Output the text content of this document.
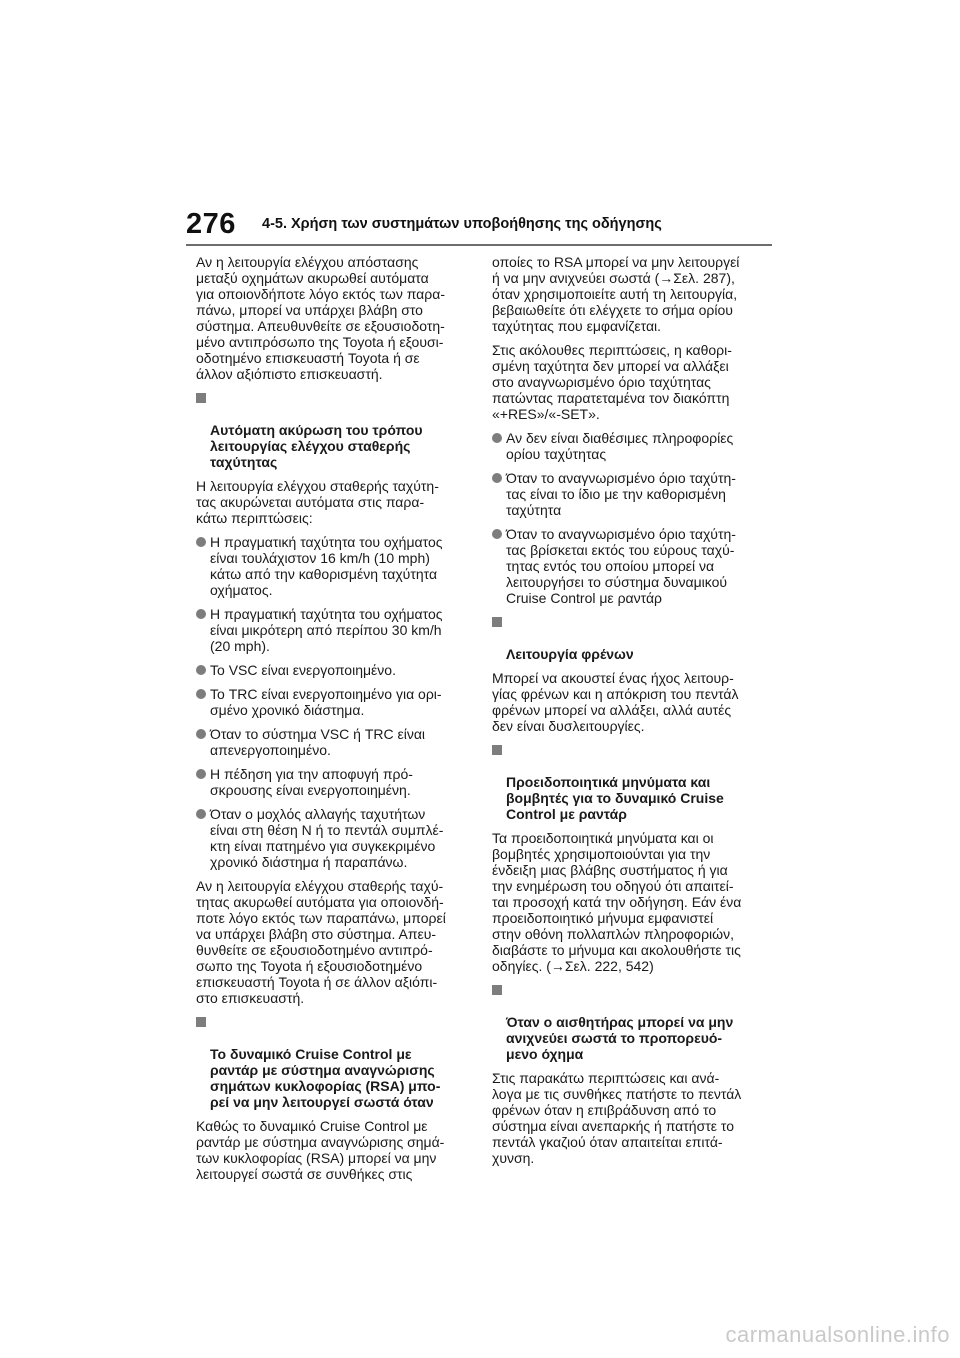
276 4-5. Χρήση των συστημάτων υποβοήθησης της οδήγησης

Αν η λειτουργία ελέγχου απόστασης
μεταξύ οχημάτων ακυρωθεί αυτόματα
για οποιονδήποτε λόγο εκτός των παρα-
πάνω, μπορεί να υπάρχει βλάβη στο
σύστημα. Απευθυνθείτε σε εξουσιοδοτη-
μένο αντιπρόσωπο της Toyota ή εξουσι-
οδοτημένο επισκευαστή Toyota ή σε
άλλον αξιόπιστο επισκευαστή.

Αυτόματη ακύρωση του τρόπου
λειτουργίας ελέγχου σταθερής
ταχύτητας

Η λειτουργία ελέγχου σταθερής ταχύτη-
τας ακυρώνεται αυτόματα στις παρα-
κάτω περιπτώσεις:

Η πραγματική ταχύτητα του οχήματος
είναι τουλάχιστον 16 km/h (10 mph)
κάτω από την καθορισμένη ταχύτητα
οχήματος.
Η πραγματική ταχύτητα του οχήματος
είναι μικρότερη από περίπου 30 km/h
(20 mph).
Το VSC είναι ενεργοποιημένο.
Το TRC είναι ενεργοποιημένο για ορι-
σμένο χρονικό διάστημα.
Όταν το σύστημα VSC ή TRC είναι
απενεργοποιημένο.
Η πέδηση για την αποφυγή πρό-
σκρουσης είναι ενεργοποιημένη.
Όταν ο μοχλός αλλαγής ταχυτήτων
είναι στη θέση N ή το πεντάλ συμπλέ-
κτη είναι πατημένο για συγκεκριμένο
χρονικό διάστημα ή παραπάνω.

Αν η λειτουργία ελέγχου σταθερής ταχύ-
τητας ακυρωθεί αυτόματα για οποιονδή-
ποτε λόγο εκτός των παραπάνω, μπορεί
να υπάρχει βλάβη στο σύστημα. Απευ-
θυνθείτε σε εξουσιοδοτημένο αντιπρό-
σωπο της Toyota ή εξουσιοδοτημένο
επισκευαστή Toyota ή σε άλλον αξιόπι-
στο επισκευαστή.

Το δυναμικό Cruise Control με
ραντάρ με σύστημα αναγνώρισης
σημάτων κυκλοφορίας (RSA) μπο-
ρεί να μην λειτουργεί σωστά όταν

Καθώς το δυναμικό Cruise Control με
ραντάρ με σύστημα αναγνώρισης σημά-
των κυκλοφορίας (RSA) μπορεί να μην
λειτουργεί σωστά σε συνθήκες στις

οποίες το RSA μπορεί να μην λειτουργεί
ή να μην ανιχνεύει σωστά (→Σελ. 287),
όταν χρησιμοποιείτε αυτή τη λειτουργία,
βεβαιωθείτε ότι ελέγχετε το σήμα ορίου
ταχύτητας που εμφανίζεται.

Στις ακόλουθες περιπτώσεις, η καθορι-
σμένη ταχύτητα δεν μπορεί να αλλάξει
στο αναγνωρισμένο όριο ταχύτητας
πατώντας παρατεταμένα τον διακόπτη
«+RES»/«-SET».

Αν δεν είναι διαθέσιμες πληροφορίες
ορίου ταχύτητας
Όταν το αναγνωρισμένο όριο ταχύτη-
τας είναι το ίδιο με την καθορισμένη
ταχύτητα
Όταν το αναγνωρισμένο όριο ταχύτη-
τας βρίσκεται εκτός του εύρους ταχύ-
τητας εντός του οποίου μπορεί να
λειτουργήσει το σύστημα δυναμικού
Cruise Control με ραντάρ

Λειτουργία φρένων

Μπορεί να ακουστεί ένας ήχος λειτουρ-
γίας φρένων και η απόκριση του πεντάλ
φρένων μπορεί να αλλάξει, αλλά αυτές
δεν είναι δυσλειτουργίες.

Προειδοποιητικά μηνύματα και
βομβητές για το δυναμικό Cruise
Control με ραντάρ

Τα προειδοποιητικά μηνύματα και οι
βομβητές χρησιμοποιούνται για την
ένδειξη μιας βλάβης συστήματος ή για
την ενημέρωση του οδηγού ότι απαιτεί-
ται προσοχή κατά την οδήγηση. Εάν ένα
προειδοποιητικό μήνυμα εμφανιστεί
στην οθόνη πολλαπλών πληροφοριών,
διαβάστε το μήνυμα και ακολουθήστε τις
οδηγίες. (→Σελ. 222, 542)

Όταν ο αισθητήρας μπορεί να μην
ανιχνεύει σωστά το προπορευό-
μενο όχημα

Στις παρακάτω περιπτώσεις και ανά-
λογα με τις συνθήκες πατήστε το πεντάλ
φρένων όταν η επιβράδυνση από το
σύστημα είναι ανεπαρκής ή πατήστε το
πεντάλ γκαζιού όταν απαιτείται επιτά-
χυνση.

carmanualsonline.info
